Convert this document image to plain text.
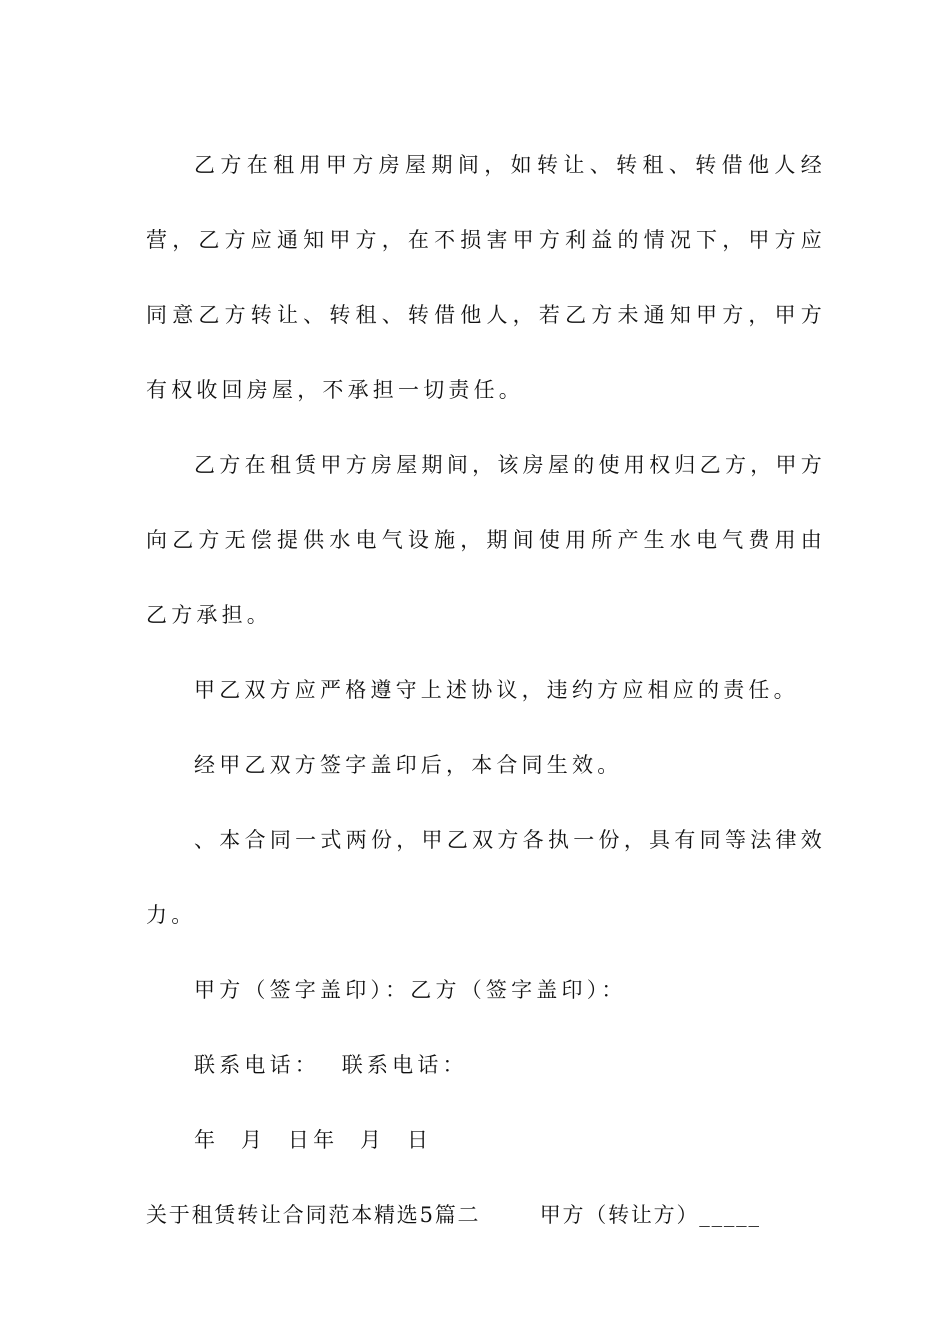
乙方在租用甲方房屋期间，如转让、转租、转借他人经营，乙方应通知甲方，在不损害甲方利益的情况下，甲方应同意乙方转让、转租、转借他人，若乙方未通知甲方，甲方有权收回房屋，不承担一切责任。

乙方在租赁甲方房屋期间，该房屋的使用权归乙方，甲方向乙方无偿提供水电气设施，期间使用所产生水电气费用由乙方承担。

甲乙双方应严格遵守上述协议，违约方应相应的责任。

经甲乙双方签字盖印后，本合同生效。

、本合同一式两份，甲乙双方各执一份，具有同等法律效力。

甲方（签字盖印）：乙方（签字盖印）：

联系电话：  联系电话：

年  月  日年  月  日

关于租赁转让合同范本精选5篇二	甲方（转让方）_____
